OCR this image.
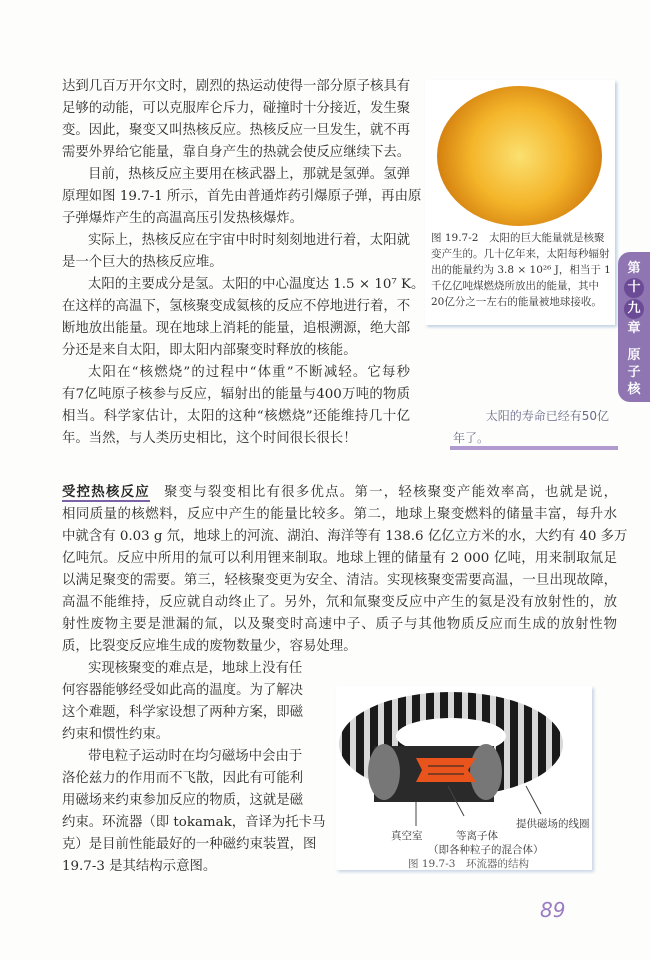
达到几百万开尔文时，剧烈的热运动使得一部分原子核具有
足够的动能，可以克服库仑斥力，碰撞时十分接近，发生聚
变。因此，聚变又叫热核反应。热核反应一旦发生，就不再
需要外界给它能量，靠自身产生的热就会使反应继续下去。
目前，热核反应主要用在核武器上，那就是氢弹。氢弹
原理如图 19.7-1 所示，首先由普通炸药引爆原子弹，再由原
子弹爆炸产生的高温高压引发热核爆炸。
实际上，热核反应在宇宙中时时刻刻地进行着，太阳就
是一个巨大的热核反应堆。
太阳的主要成分是氢。太阳的中心温度达 1.5 × 10⁷ K。
在这样的高温下，氢核聚变成氦核的反应不停地进行着，不
断地放出能量。现在地球上消耗的能量，追根溯源，绝大部
分还是来自太阳，即太阳内部聚变时释放的核能。
太阳在“核燃烧”的过程中“体重”不断减轻。它每秒
有7亿吨原子核参与反应，辐射出的能量与400万吨的物质
相当。科学家估计，太阳的这种“核燃烧”还能维持几十亿
年。当然，与人类历史相比，这个时间很长很长！
图 19.7-2　太阳的巨大能量就是核聚变产生的。几十亿年来，太阳每秒辐射出的能量约为 3.8 × 10²⁶ J，相当于 1 千亿亿吨煤燃烧所放出的能量，其中20亿分之一左右的能量被地球接收。
第
十
九
章
原
子
核
太阳的寿命已经有50亿
年了。
受控热核反应 聚变与裂变相比有很多优点。第一，轻核聚变产能效率高，也就是说，
相同质量的核燃料，反应中产生的能量比较多。第二，地球上聚变燃料的储量丰富，每升水
中就含有 0.03 g 氘，地球上的河流、湖泊、海洋等有 138.6 亿亿立方米的水，大约有 40 多万
亿吨氘。反应中所用的氚可以利用锂来制取。地球上锂的储量有 2 000 亿吨，用来制取氚足
以满足聚变的需要。第三，轻核聚变更为安全、清洁。实现核聚变需要高温，一旦出现故障，
高温不能维持，反应就自动终止了。另外，氘和氚聚变反应中产生的氦是没有放射性的，放
射性废物主要是泄漏的氚，以及聚变时高速中子、质子与其他物质反应而生成的放射性物
质，比裂变反应堆生成的废物数量少，容易处理。
实现核聚变的难点是，地球上没有任
何容器能够经受如此高的温度。为了解决
这个难题，科学家设想了两种方案，即磁
约束和惯性约束。
带电粒子运动时在均匀磁场中会由于
洛伦兹力的作用而不飞散，因此有可能利
用磁场来约束参加反应的物质，这就是磁
约束。环流器（即 tokamak，音译为托卡马
克）是目前性能最好的一种磁约束装置，图
19.7-3 是其结构示意图。
提供磁场的线圈
真空室	等离子体
（即各种粒子的混合体）
图 19.7-3　环流器的结构
89
